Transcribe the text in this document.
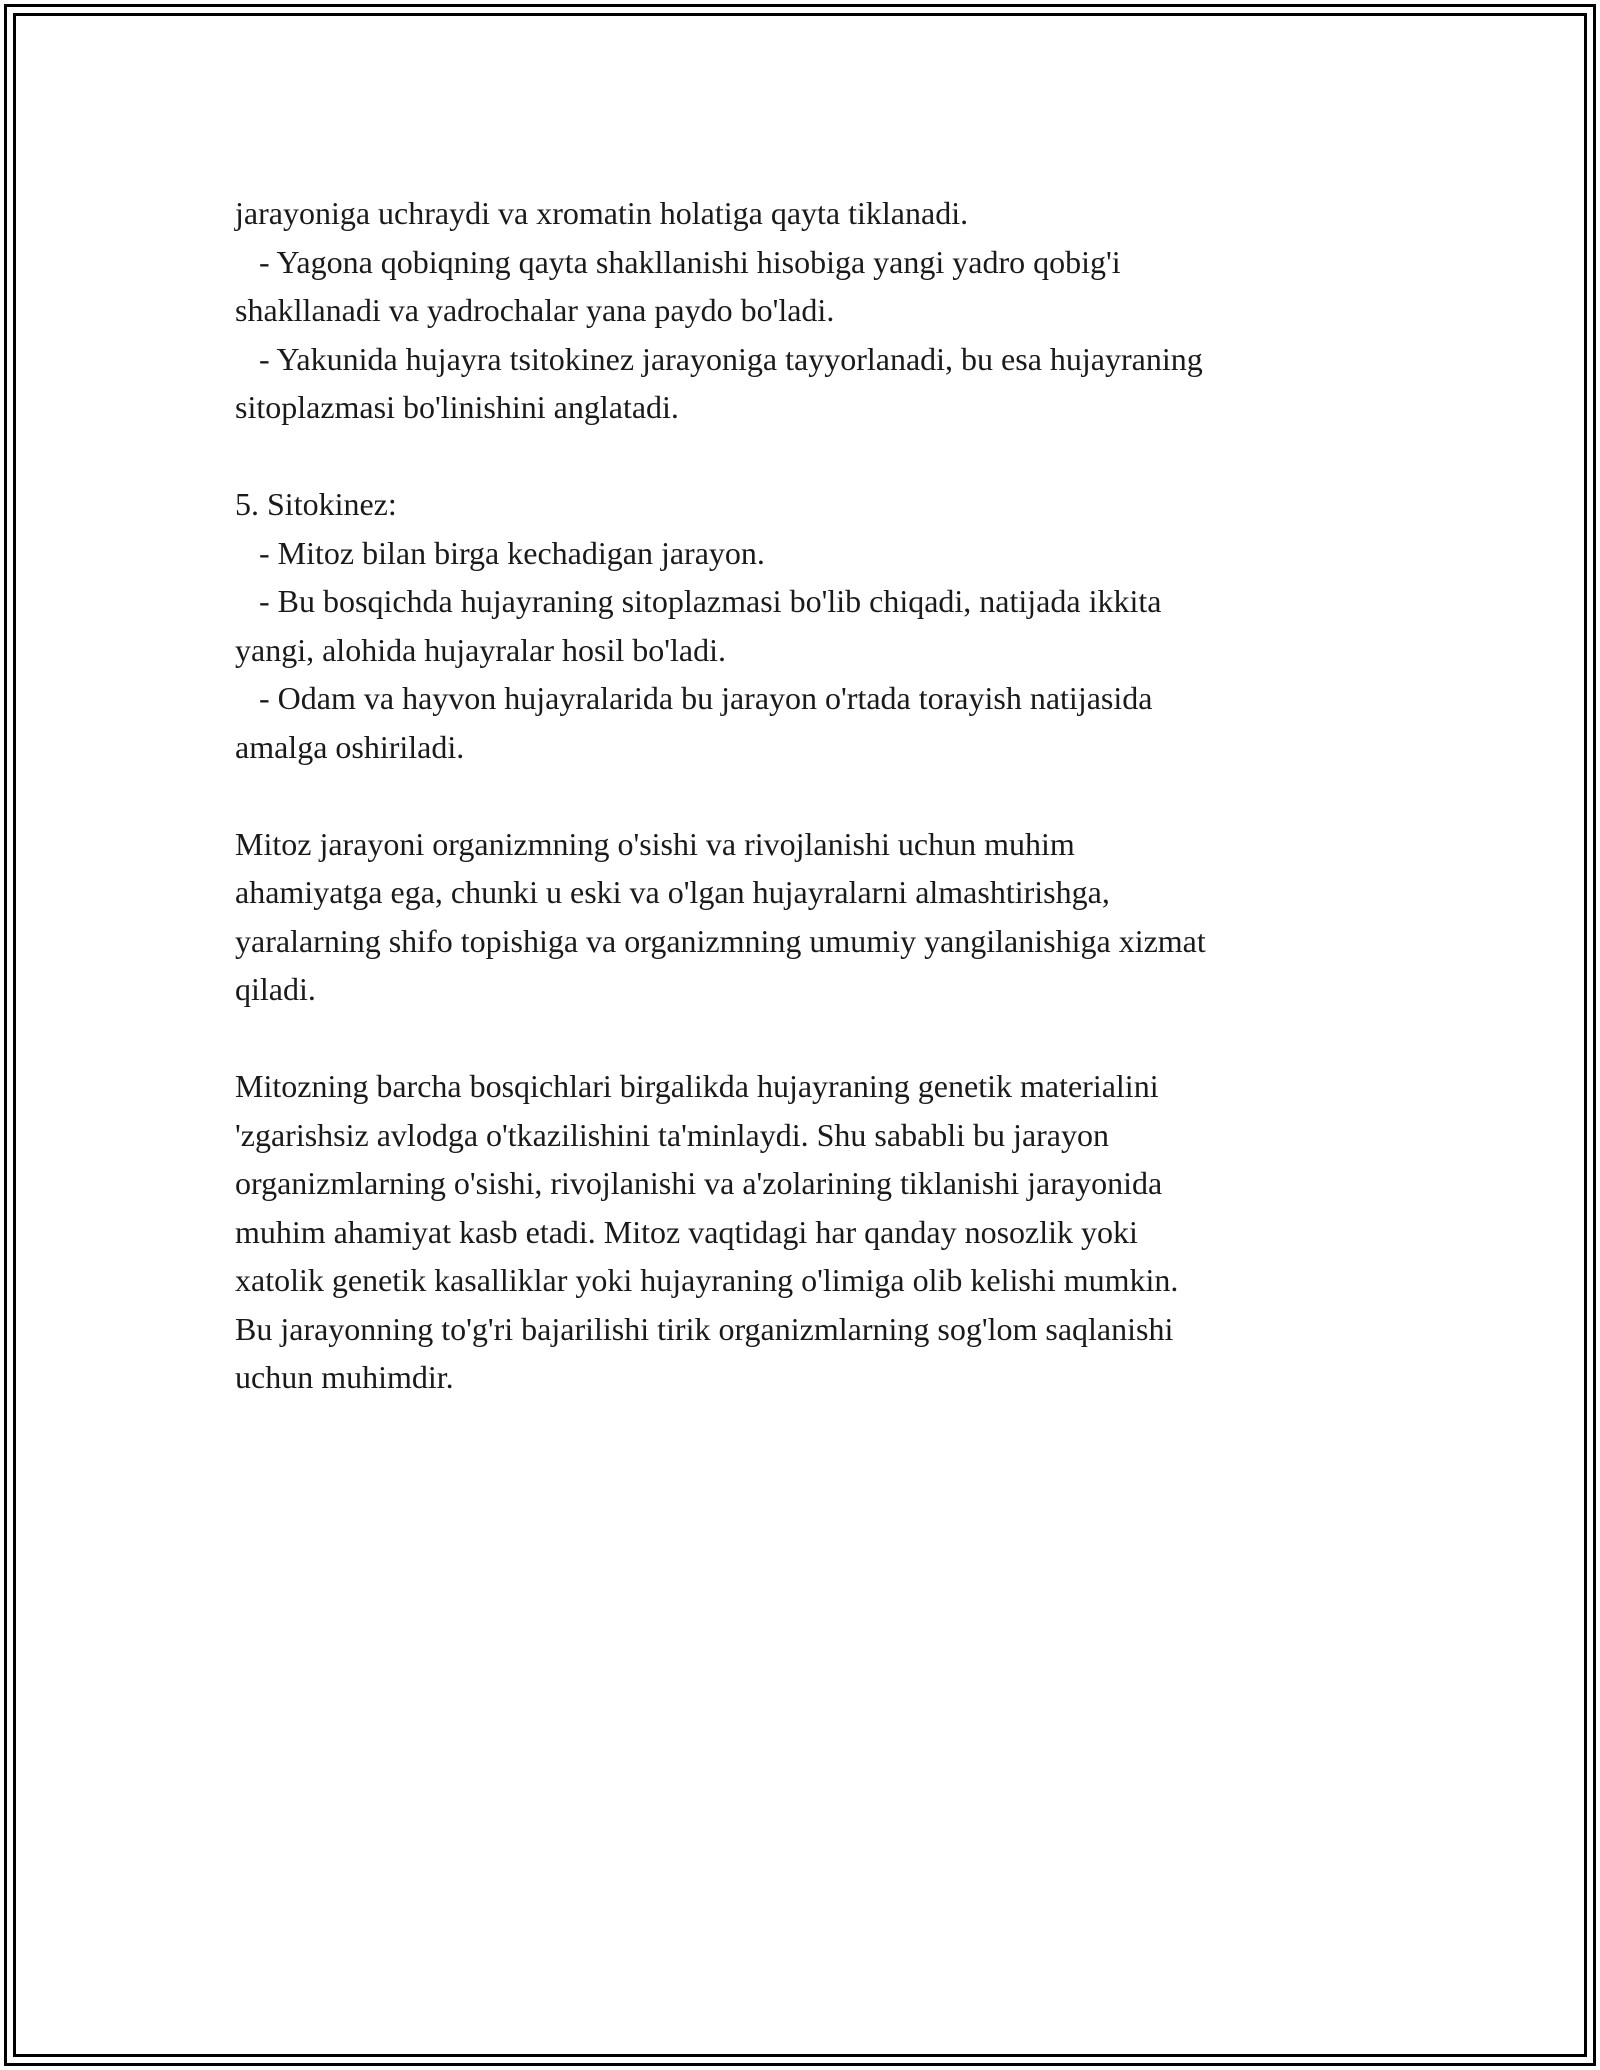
jarayoniga uchraydi va xromatin holatiga qayta tiklanadi.
- Yagona qobiqning qayta shakllanishi hisobiga yangi yadro qobig'i
shakllanadi va yadrochalar yana paydo bo'ladi.
- Yakunida hujayra tsitokinez jarayoniga tayyorlanadi, bu esa hujayraning
sitoplazmasi bo'linishini anglatadi.
5. Sitokinez:
- Mitoz bilan birga kechadigan jarayon.
- Bu bosqichda hujayraning sitoplazmasi bo'lib chiqadi, natijada ikkita
yangi, alohida hujayralar hosil bo'ladi.
- Odam va hayvon hujayralarida bu jarayon o'rtada torayish natijasida
amalga oshiriladi.
Mitoz jarayoni organizmning o'sishi va rivojlanishi uchun muhim
ahamiyatga ega, chunki u eski va o'lgan hujayralarni almashtirishga,
yaralarning shifo topishiga va organizmning umumiy yangilanishiga xizmat
qiladi.
Mitozning barcha bosqichlari birgalikda hujayraning genetik materialini
'zgarishsiz avlodga o'tkazilishini ta'minlaydi. Shu sababli bu jarayon
organizmlarning o'sishi, rivojlanishi va a'zolarining tiklanishi jarayonida
muhim ahamiyat kasb etadi. Mitoz vaqtidagi har qanday nosozlik yoki
xatolik genetik kasalliklar yoki hujayraning o'limiga olib kelishi mumkin.
Bu jarayonning to'g'ri bajarilishi tirik organizmlarning sog'lom saqlanishi
uchun muhimdir.
